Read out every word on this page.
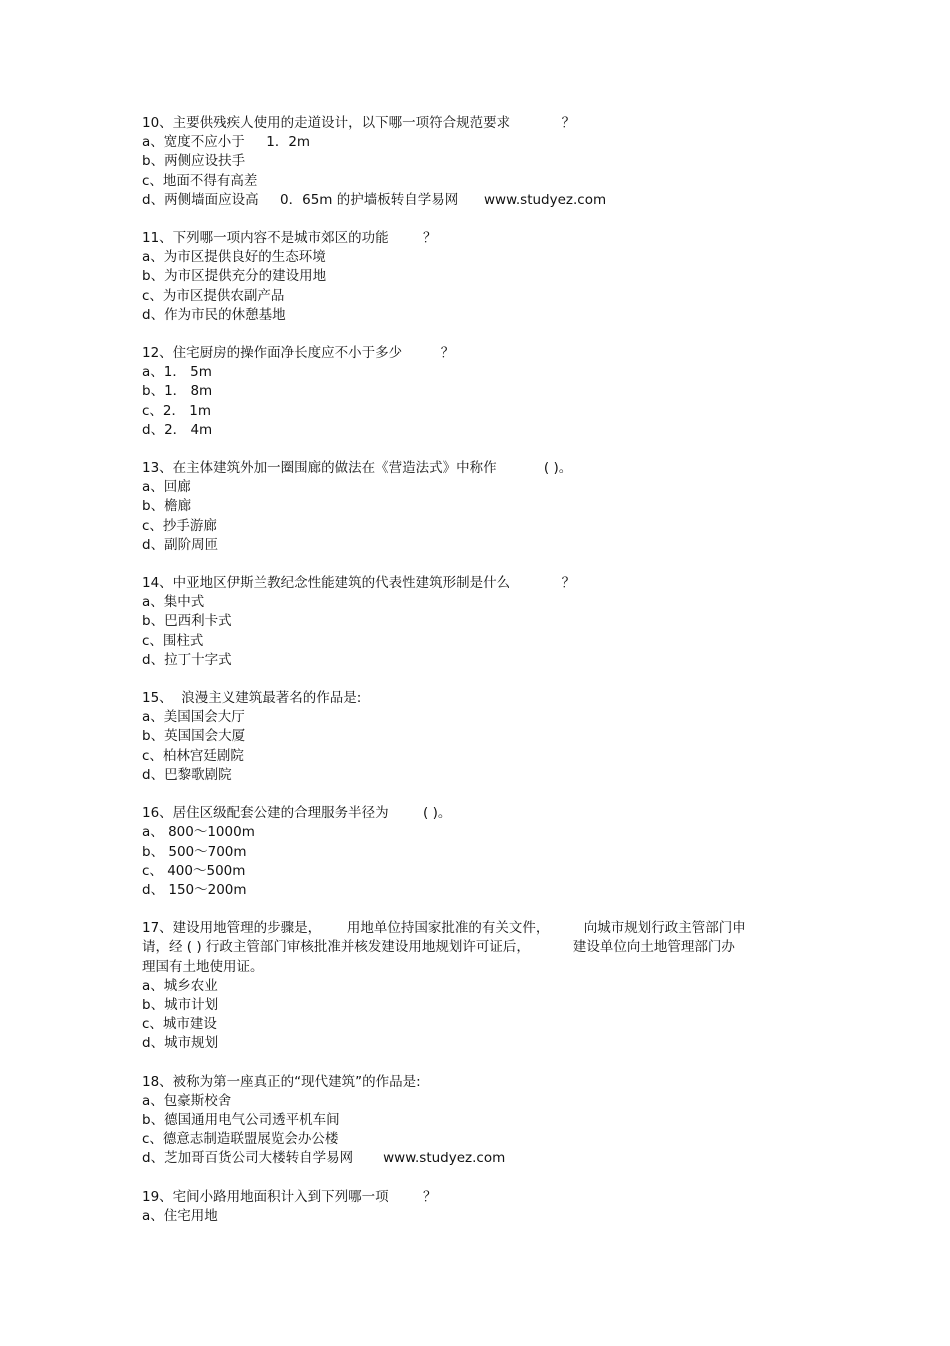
10、主要供残疾人使用的走道设计，以下哪一项符合规范要求            ？

a、宽度不应小于     1．2m

b、两侧应设扶手

c、地面不得有高差

d、两侧墙面应设高     0．65m 的护墙板转自学易网      www.studyez.com

11、下列哪一项内容不是城市郊区的功能        ？

a、为市区提供良好的生态环境

b、为市区提供充分的建设用地

c、为市区提供农副产品

d、作为市民的休憩基地

12、住宅厨房的操作面净长度应不小于多少         ？

a、1． 5m

b、1． 8m

c、2． 1m

d、2． 4m

13、在主体建筑外加一圈围廊的做法在《营造法式》中称作           ( )。

a、回廊

b、檐廊

c、抄手游廊

d、副阶周匝

14、中亚地区伊斯兰教纪念性能建筑的代表性建筑形制是什么            ？

a、集中式

b、巴西利卡式

c、围柱式

d、拉丁十字式

15、  浪漫主义建筑最著名的作品是:

a、美国国会大厅

b、英国国会大厦

c、柏林宫廷剧院

d、巴黎歌剧院

16、居住区级配套公建的合理服务半径为        ( )。

a、 800～1000m

b、 500～700m

c、 400～500m

d、 150～200m

17、建设用地管理的步骤是，      用地单位持国家批准的有关文件，        向城市规划行政主管部门申
请，经 ( ) 行政主管部门审核批准并核发建设用地规划许可证后，          建设单位向土地管理部门办
理国有土地使用证。

a、城乡农业

b、城市计划

c、城市建设

d、城市规划

18、被称为第一座真正的“现代建筑”的作品是:

a、包豪斯校舍

b、德国通用电气公司透平机车间

c、德意志制造联盟展览会办公楼

d、芝加哥百货公司大楼转自学易网       www.studyez.com

19、宅间小路用地面积计入到下列哪一项        ？

a、住宅用地
